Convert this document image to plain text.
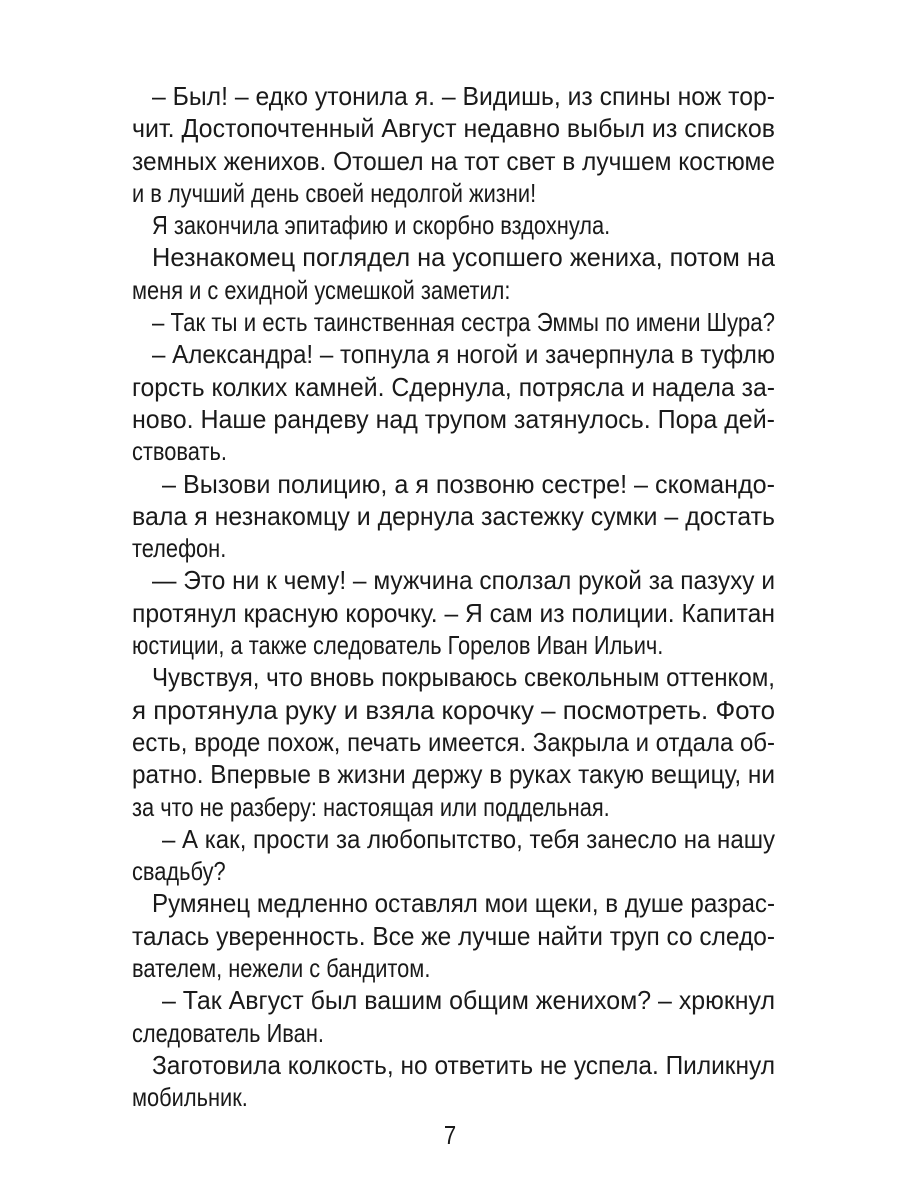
– Был! – едко утонила я. – Видишь, из спины нож тор-
чит. Достопочтенный Август недавно выбыл из списков
земных женихов. Отошел на тот свет в лучшем костюме
и в лучший день своей недолгой жизни!
Я закончила эпитафию и скорбно вздохнула.
Незнакомец поглядел на усопшего жениха, потом на
меня и с ехидной усмешкой заметил:
– Так ты и есть таинственная сестра Эммы по имени Шура?
– Александра! – топнула я ногой и зачерпнула в туфлю
горсть колких камней. Сдернула, потрясла и надела за-
ново. Наше рандеву над трупом затянулось. Пора дей-
ствовать.
– Вызови полицию, а я позвоню сестре! – скомандо-
вала я незнакомцу и дернула застежку сумки – достать
телефон.
— Это ни к чему! – мужчина сползал рукой за пазуху и
протянул красную корочку. – Я сам из полиции. Капитан
юстиции, а также следователь Горелов Иван Ильич.
Чувствуя, что вновь покрываюсь свекольным оттенком,
я протянула руку и взяла корочку – посмотреть. Фото
есть, вроде похож, печать имеется. Закрыла и отдала об-
ратно. Впервые в жизни держу в руках такую вещицу, ни
за что не разберу: настоящая или поддельная.
– А как, прости за любопытство, тебя занесло на нашу
свадьбу?
Румянец медленно оставлял мои щеки, в душе разрас-
талась уверенность. Все же лучше найти труп со следо-
вателем, нежели с бандитом.
– Так Август был вашим общим женихом? – хрюкнул
следователь Иван.
Заготовила колкость, но ответить не успела. Пиликнул
мобильник.
7
